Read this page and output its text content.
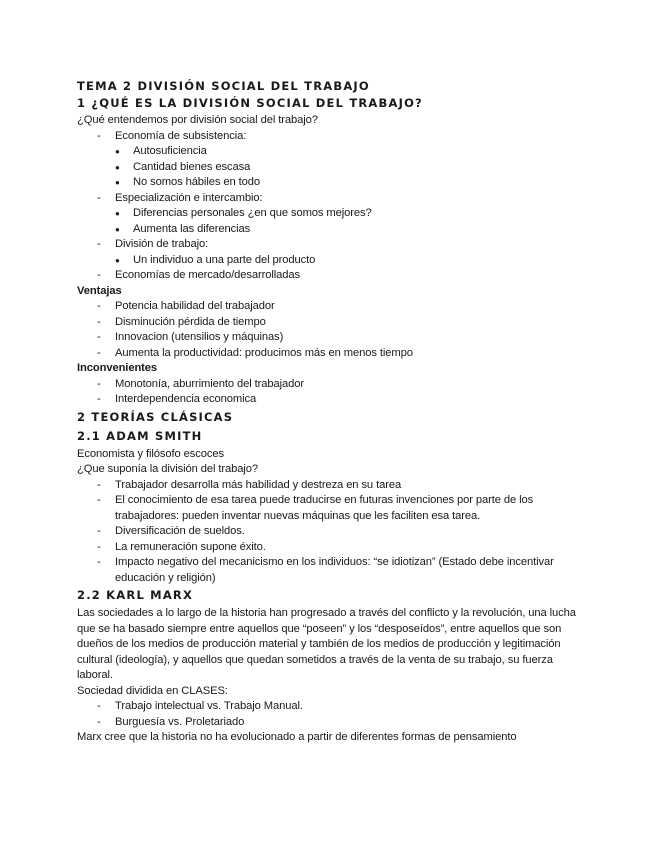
TEMA 2 DIVISIÓN SOCIAL DEL TRABAJO
1 ¿QUÉ ES LA DIVISIÓN SOCIAL DEL TRABAJO?

¿Qué entendemos por división social del trabajo?

- Economía de subsistencia:
● Autosuficiencia
● Cantidad bienes escasa
● No somos hábiles en todo
- Especialización e intercambio:
● Diferencias personales ¿en que somos mejores?
● Aumenta las diferencias
- División de trabajo:
● Un individuo a una parte del producto
- Economías de mercado/desarrolladas

Ventajas

- Potencia habilidad del trabajador
- Disminución pérdida de tiempo
- Innovacion (utensilios y máquinas)
- Aumenta la productividad: producimos más en menos tiempo

Inconvenientes

- Monotonía, aburrimiento del trabajador
- Interdependencia economica
2 TEORÍAS CLÁSICAS
2.1 ADAM SMITH

Economista y filósofo escoces

¿Que suponía la división del trabajo?

- Trabajador desarrolla más habilidad y destreza en su tarea
- El conocimiento de esa tarea puede traducirse en futuras invenciones por parte de los trabajadores: pueden inventar nuevas máquinas que les faciliten esa tarea.
- Diversificación de sueldos.
- La remuneración supone éxito.
- Impacto negativo del mecanicismo en los individuos: “se idiotizan” (Estado debe incentivar educación y religión)
2.2 KARL MARX

Las sociedades a lo largo de la historia han progresado a través del conflicto y la revolución, una lucha que se ha basado siempre entre aquellos que “poseen” y los “desposeídos”, entre aquellos que son dueños de los medios de producción material y también de los medios de producción y legitimación cultural (ideología), y aquellos que quedan sometidos a través de la venta de su trabajo, su fuerza laboral.

Sociedad dividida en CLASES:

- Trabajo intelectual vs. Trabajo Manual.
- Burguesía vs. Proletariado

Marx cree que la historia no ha evolucionado a partir de diferentes formas de pensamiento
